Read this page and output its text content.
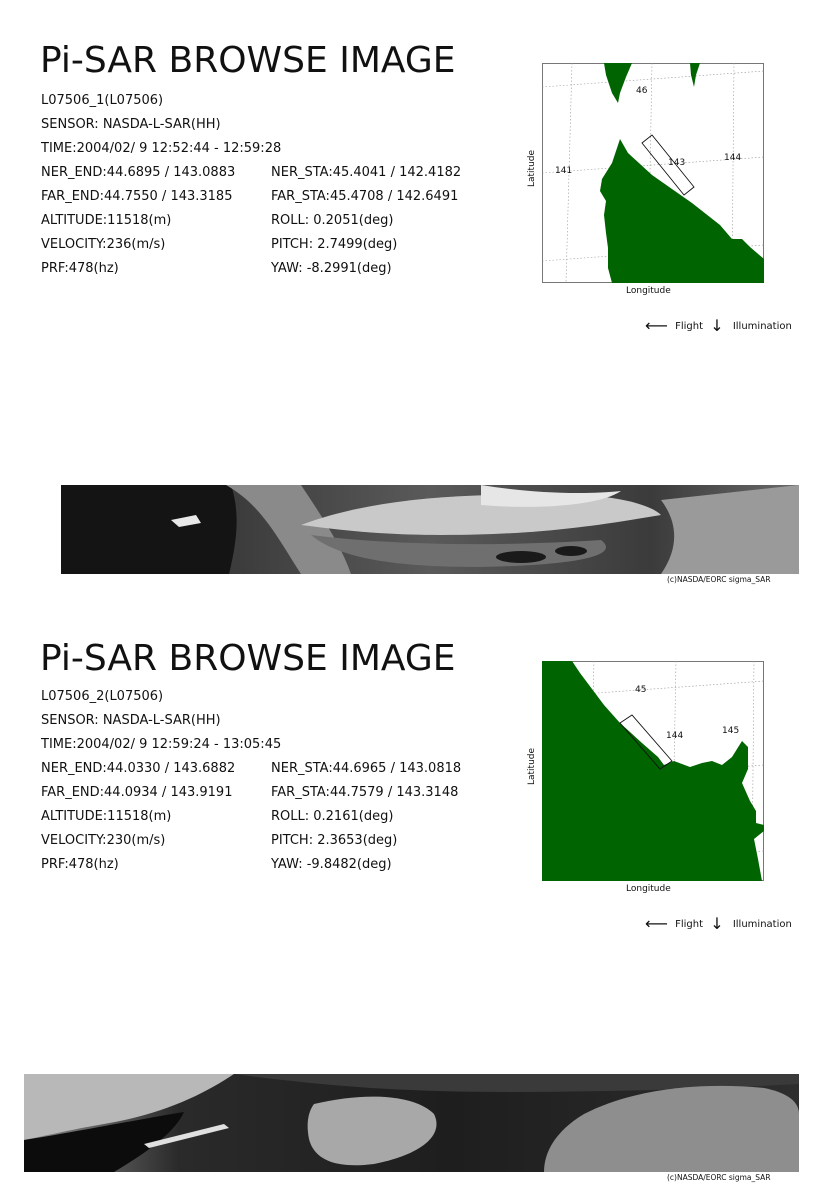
Pi-SAR BROWSE IMAGE
L07506_1(L07506)
SENSOR: NASDA-L-SAR(HH)
TIME:2004/02/ 9 12:52:44 - 12:59:28
NER_END:44.6895 / 143.0883	NER_STA:45.4041 / 142.4182
FAR_END:44.7550 / 143.3185	FAR_STA:45.4708 / 142.6491
ALTITUDE:11518(m)	ROLL: 0.2051(deg)
VELOCITY:236(m/s)	PITCH: 2.7499(deg)
PRF:478(hz)	YAW: -8.2991(deg)
46
141
143	144
Longitude
Latitude
⟵ Flight ↓ Illumination
(c)NASDA/EORC sigma_SAR
Pi-SAR BROWSE IMAGE
L07506_2(L07506)
SENSOR: NASDA-L-SAR(HH)
TIME:2004/02/ 9 12:59:24 - 13:05:45
NER_END:44.0330 / 143.6882	NER_STA:44.6965 / 143.0818
FAR_END:44.0934 / 143.9191	FAR_STA:44.7579 / 143.3148
ALTITUDE:11518(m)	ROLL: 0.2161(deg)
VELOCITY:230(m/s)	PITCH: 2.3653(deg)
PRF:478(hz)	YAW: -9.8482(deg)
45
144	145
Longitude
Latitude
⟵ Flight ↓ Illumination
(c)NASDA/EORC sigma_SAR
